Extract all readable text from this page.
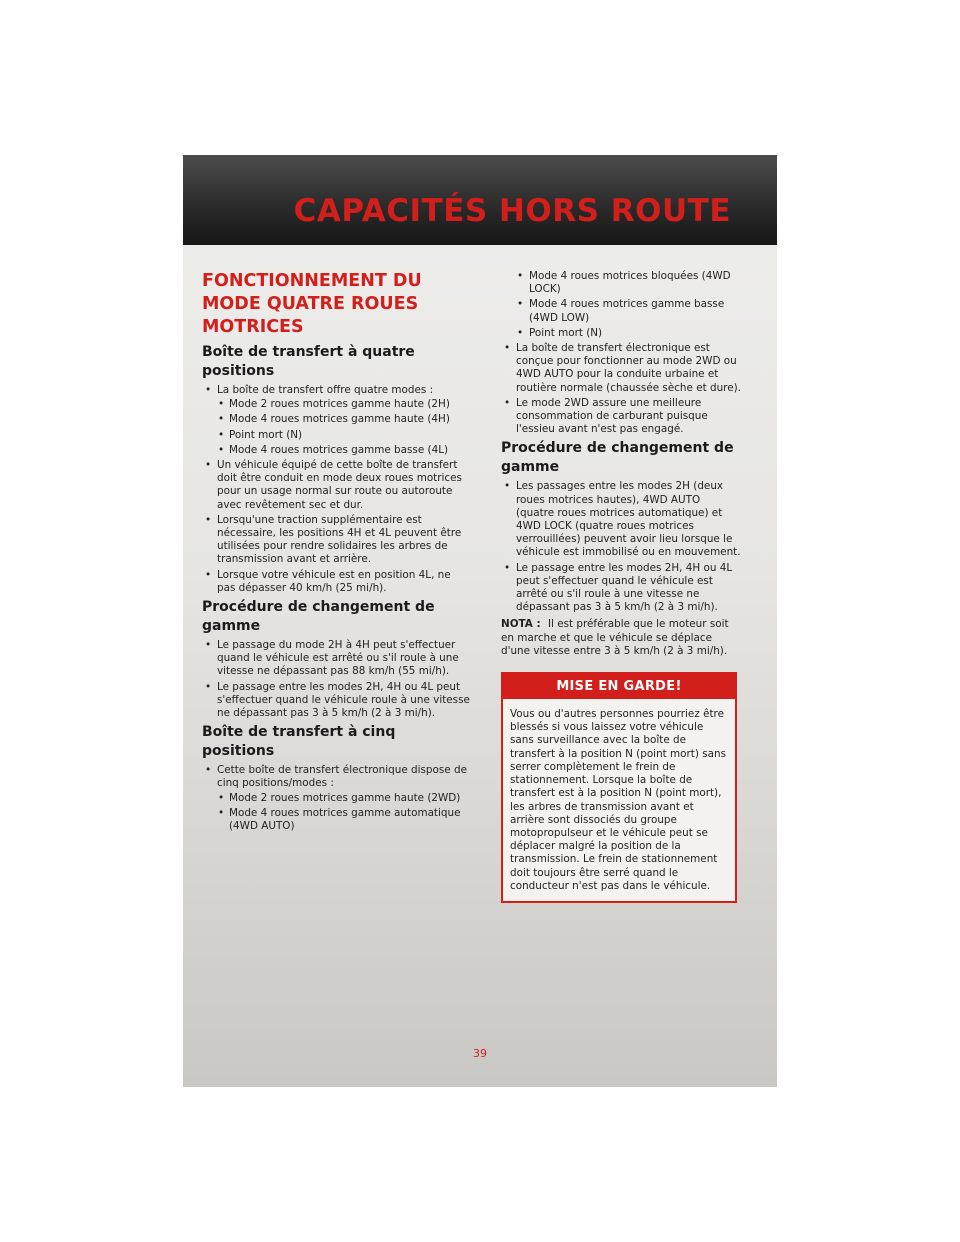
CAPACITÉS HORS ROUTE
FONCTIONNEMENT DU
MODE QUATRE ROUES
MOTRICES
Boîte de transfert à quatre positions
• La boîte de transfert offre quatre modes :
• Mode 2 roues motrices gamme haute (2H)
• Mode 4 roues motrices gamme haute (4H)
• Point mort (N)
• Mode 4 roues motrices gamme basse (4L)
• Un véhicule équipé de cette boîte de transfert doit être conduit en mode deux roues motrices pour un usage normal sur route ou autoroute avec revêtement sec et dur.
• Lorsqu'une traction supplémentaire est nécessaire, les positions 4H et 4L peuvent être utilisées pour rendre solidaires les arbres de transmission avant et arrière.
• Lorsque votre véhicule est en position 4L, ne pas dépasser 40 km/h (25 mi/h).
Procédure de changement de gamme
• Le passage du mode 2H à 4H peut s'effectuer quand le véhicule est arrêté ou s'il roule à une vitesse ne dépassant pas 88 km/h (55 mi/h).
• Le passage entre les modes 2H, 4H ou 4L peut s'effectuer quand le véhicule roule à une vitesse ne dépassant pas 3 à 5 km/h (2 à 3 mi/h).
Boîte de transfert à cinq positions
• Cette boîte de transfert électronique dispose de cinq positions/modes :
• Mode 2 roues motrices gamme haute (2WD)
• Mode 4 roues motrices gamme automatique (4WD AUTO)
• Mode 4 roues motrices bloquées (4WD LOCK)
• Mode 4 roues motrices gamme basse (4WD LOW)
• Point mort (N)
• La boîte de transfert électronique est conçue pour fonctionner au mode 2WD ou 4WD AUTO pour la conduite urbaine et routière normale (chaussée sèche et dure).
• Le mode 2WD assure une meilleure consommation de carburant puisque l'essieu avant n'est pas engagé.
Procédure de changement de gamme
• Les passages entre les modes 2H (deux roues motrices hautes), 4WD AUTO (quatre roues motrices automatique) et 4WD LOCK (quatre roues motrices verrouillées) peuvent avoir lieu lorsque le véhicule est immobilisé ou en mouvement.
• Le passage entre les modes 2H, 4H ou 4L peut s'effectuer quand le véhicule est arrêté ou s'il roule à une vitesse ne dépassant pas 3 à 5 km/h (2 à 3 mi/h).

NOTA : Il est préférable que le moteur soit en marche et que le véhicule se déplace d'une vitesse entre 3 à 5 km/h (2 à 3 mi/h).

MISE EN GARDE!
Vous ou d'autres personnes pourriez être blessés si vous laissez votre véhicule sans surveillance avec la boîte de transfert à la position N (point mort) sans serrer complètement le frein de stationnement. Lorsque la boîte de transfert est à la position N (point mort), les arbres de transmission avant et arrière sont dissociés du groupe motopropulseur et le véhicule peut se déplacer malgré la position de la transmission. Le frein de stationnement doit toujours être serré quand le conducteur n'est pas dans le véhicule.
39
